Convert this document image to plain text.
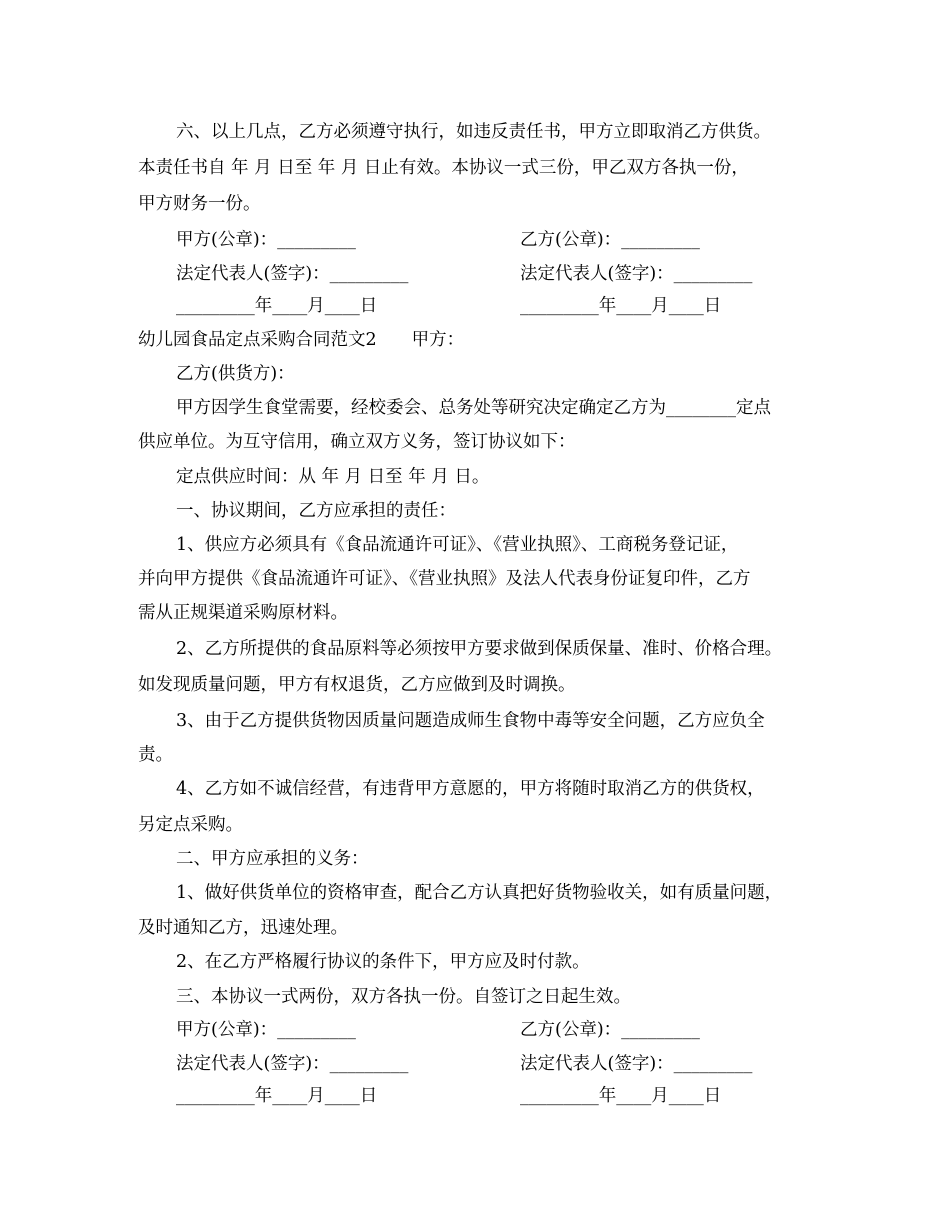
六、以上几点，乙方必须遵守执行，如违反责任书，甲方立即取消乙方供货。
本责任书自 年 月 日至 年 月 日止有效。本协议一式三份，甲乙双方各执一份，
甲方财务一份。
甲方(公章)：_________	乙方(公章)：_________
法定代表人(签字)：_________	法定代表人(签字)：_________
_________年____月____日	_________年____月____日
幼儿园食品定点采购合同范文2　　甲方：
乙方(供货方)：
甲方因学生食堂需要，经校委会、总务处等研究决定确定乙方为________定点
供应单位。为互守信用，确立双方义务，签订协议如下：
定点供应时间：从 年 月 日至 年 月 日。
一、协议期间，乙方应承担的责任：
1、供应方必须具有《食品流通许可证》、《营业执照》、工商税务登记证，
并向甲方提供《食品流通许可证》、《营业执照》及法人代表身份证复印件，乙方
需从正规渠道采购原材料。
2、乙方所提供的食品原料等必须按甲方要求做到保质保量、准时、价格合理。
如发现质量问题，甲方有权退货，乙方应做到及时调换。
3、由于乙方提供货物因质量问题造成师生食物中毒等安全问题，乙方应负全
责。
4、乙方如不诚信经营，有违背甲方意愿的，甲方将随时取消乙方的供货权，
另定点采购。
二、甲方应承担的义务：
1、做好供货单位的资格审查，配合乙方认真把好货物验收关，如有质量问题，
及时通知乙方，迅速处理。
2、在乙方严格履行协议的条件下，甲方应及时付款。
三、本协议一式两份，双方各执一份。自签订之日起生效。
甲方(公章)：_________	乙方(公章)：_________
法定代表人(签字)：_________	法定代表人(签字)：_________
_________年____月____日	_________年____月____日
